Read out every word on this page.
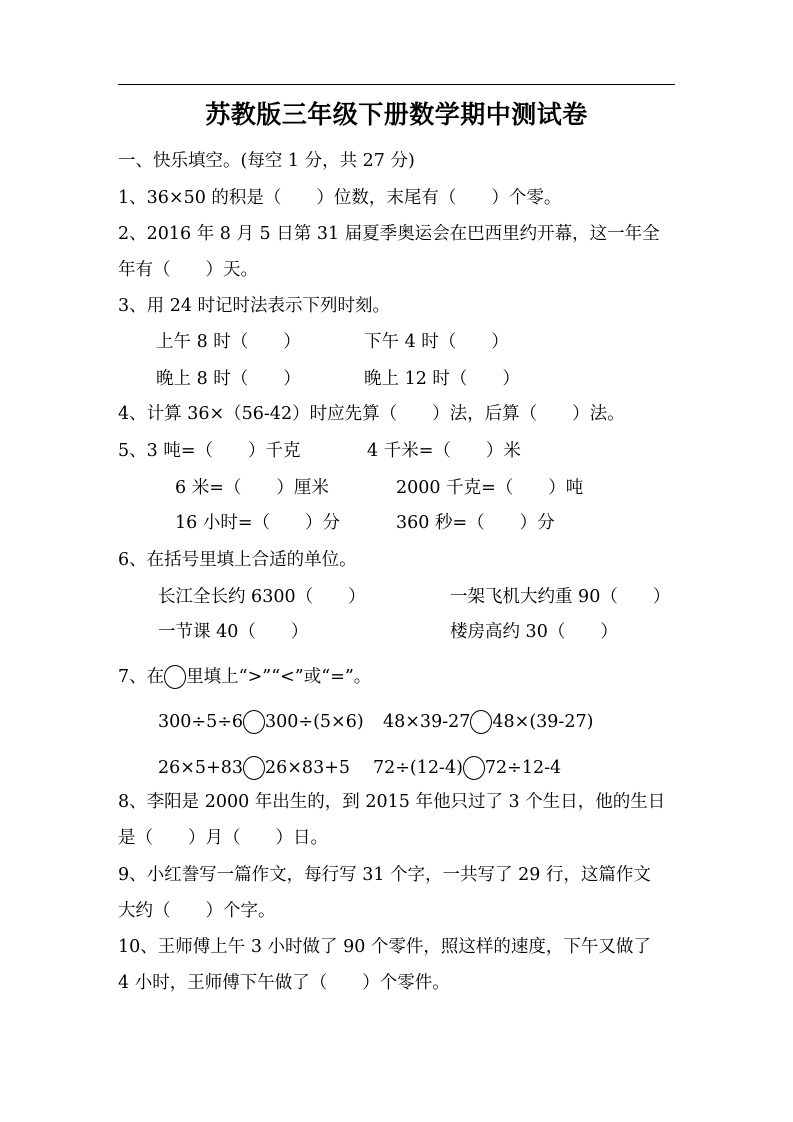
苏教版三年级下册数学期中测试卷
一、快乐填空。(每空 1 分，共 27 分)
1、36×50 的积是（　　）位数，末尾有（　　）个零。
2、2016 年 8 月 5 日第 31 届夏季奥运会在巴西里约开幕，这一年全
年有（　　）天。
3、用 24 时记时法表示下列时刻。
上午 8 时（　　）	下午 4 时（　　）
晚上 8 时（　　）	晚上 12 时（　　）
4、计算 36×（56-42）时应先算（　　）法，后算（　　）法。
5、3 吨=（　　）千克	4 千米=（　　）米
6 米=（　　）厘米	2000 千克=（　　）吨
16 小时=（　　）分	360 秒=（　　）分
6、在括号里填上合适的单位。
长江全长约 6300（　　）	一架飞机大约重 90（　　）
一节课 40（　　）	楼房高约 30（　　）
7、在 里填上“>”“<”或“=”。
300÷5÷6 300÷(5×6) 48×39-27 48×(39-27)
26×5+83 26×83+5 72÷(12-4) 72÷12-4
8、李阳是 2000 年出生的，到 2015 年他只过了 3 个生日，他的生日
是（　　）月（　　）日。
9、小红誊写一篇作文，每行写 31 个字，一共写了 29 行，这篇作文
大约（　　）个字。
10、王师傅上午 3 小时做了 90 个零件，照这样的速度，下午又做了
4 小时，王师傅下午做了（　　）个零件。
